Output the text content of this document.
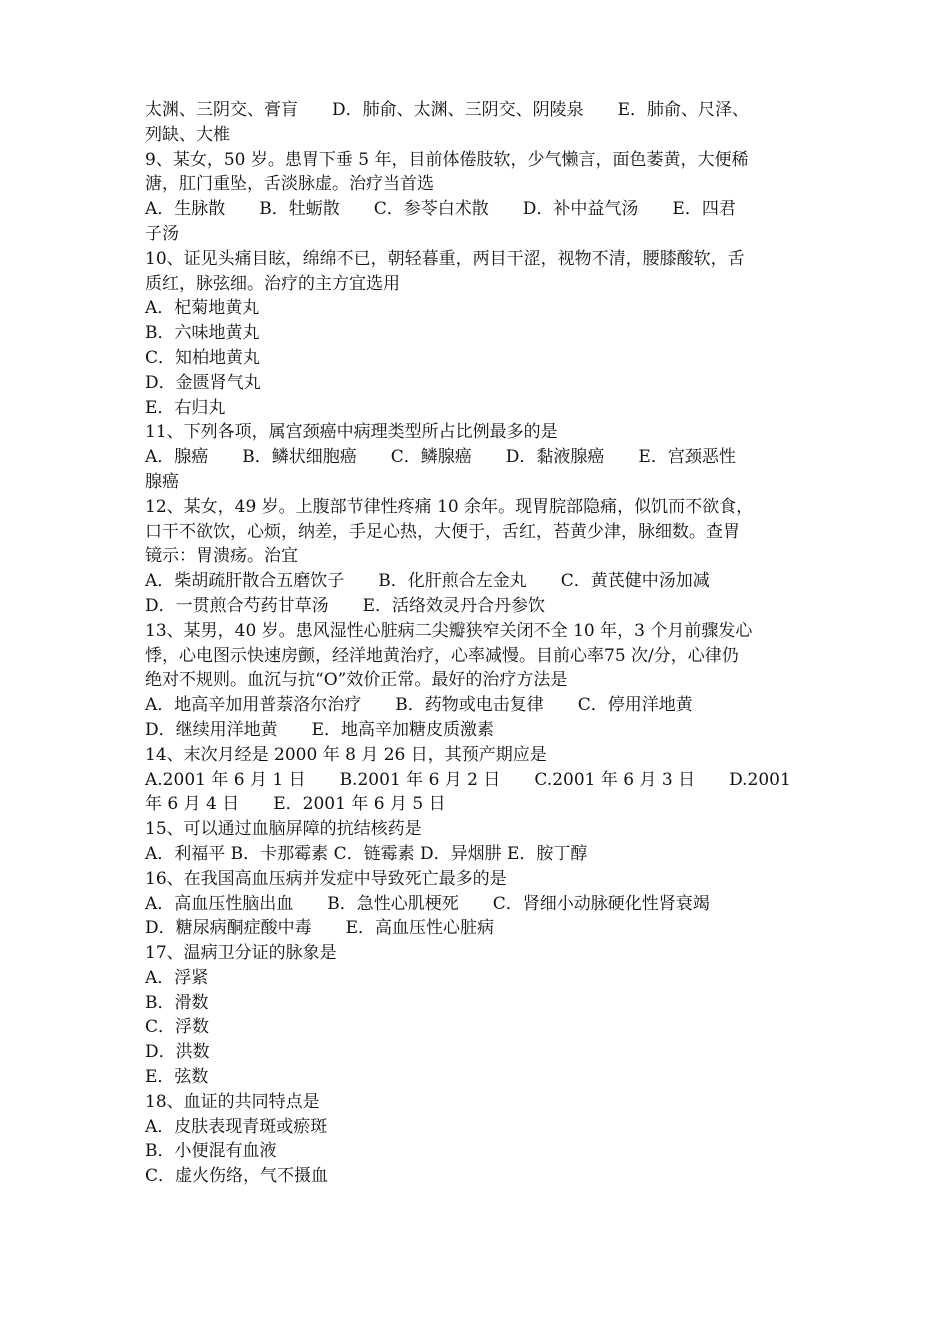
太渊、三阴交、膏肓　　D．肺俞、太渊、三阴交、阴陵泉　　E．肺俞、尺泽、
列缺、大椎
9、某女，50 岁。患胃下垂 5 年，目前体倦肢软，少气懒言，面色萎黄，大便稀
溏，肛门重坠，舌淡脉虚。治疗当首选
A．生脉散　　B．牡蛎散　　C．参苓白术散　　D．补中益气汤　　E．四君
子汤
10、证见头痛目眩，绵绵不已，朝轻暮重，两目干涩，视物不清，腰膝酸软，舌
质红，脉弦细。治疗的主方宜选用
A．杞菊地黄丸
B．六味地黄丸
C．知柏地黄丸
D．金匮肾气丸
E．右归丸
11、下列各项，属宫颈癌中病理类型所占比例最多的是
A．腺癌　　B．鳞状细胞癌　　C．鳞腺癌　　D．黏液腺癌　　E．宫颈恶性
腺癌
12、某女，49 岁。上腹部节律性疼痛 10 余年。现胃脘部隐痛，似饥而不欲食，
口干不欲饮，心烦，纳差，手足心热，大便于，舌红，苔黄少津，脉细数。查胃
镜示：胃溃疡。治宜
A．柴胡疏肝散合五磨饮子　　B．化肝煎合左金丸　　C．黄芪健中汤加减
D．一贯煎合芍药甘草汤　　E．活络效灵丹合丹参饮
13、某男，40 岁。患风湿性心脏病二尖瓣狭窄关闭不全 10 年，3 个月前骤发心
悸，心电图示快速房颤，经洋地黄治疗，心率减慢。目前心率75 次/分，心律仍
绝对不规则。血沉与抗“O”效价正常。最好的治疗方法是
A．地高辛加用普萘洛尔治疗　　B．药物或电击复律　　C．停用洋地黄
D．继续用洋地黄　　E．地高辛加糖皮质激素
14、末次月经是 2000 年 8 月 26 日，其预产期应是
A.2001 年 6 月 1 日　　B.2001 年 6 月 2 日　　C.2001 年 6 月 3 日　　D.2001
年 6 月 4 日　　E．2001 年 6 月 5 日
15、可以通过血脑屏障的抗结核药是
A．利福平 B．卡那霉素 C．链霉素 D．异烟肼 E．胺丁醇
16、在我国高血压病并发症中导致死亡最多的是
A．高血压性脑出血　　B．急性心肌梗死　　C．肾细小动脉硬化性肾衰竭
D．糖尿病酮症酸中毒　　E．高血压性心脏病
17、温病卫分证的脉象是
A．浮紧
B．滑数
C．浮数
D．洪数
E．弦数
18、血证的共同特点是
A．皮肤表现青斑或瘀斑
B．小便混有血液
C．虚火伤络，气不摄血
